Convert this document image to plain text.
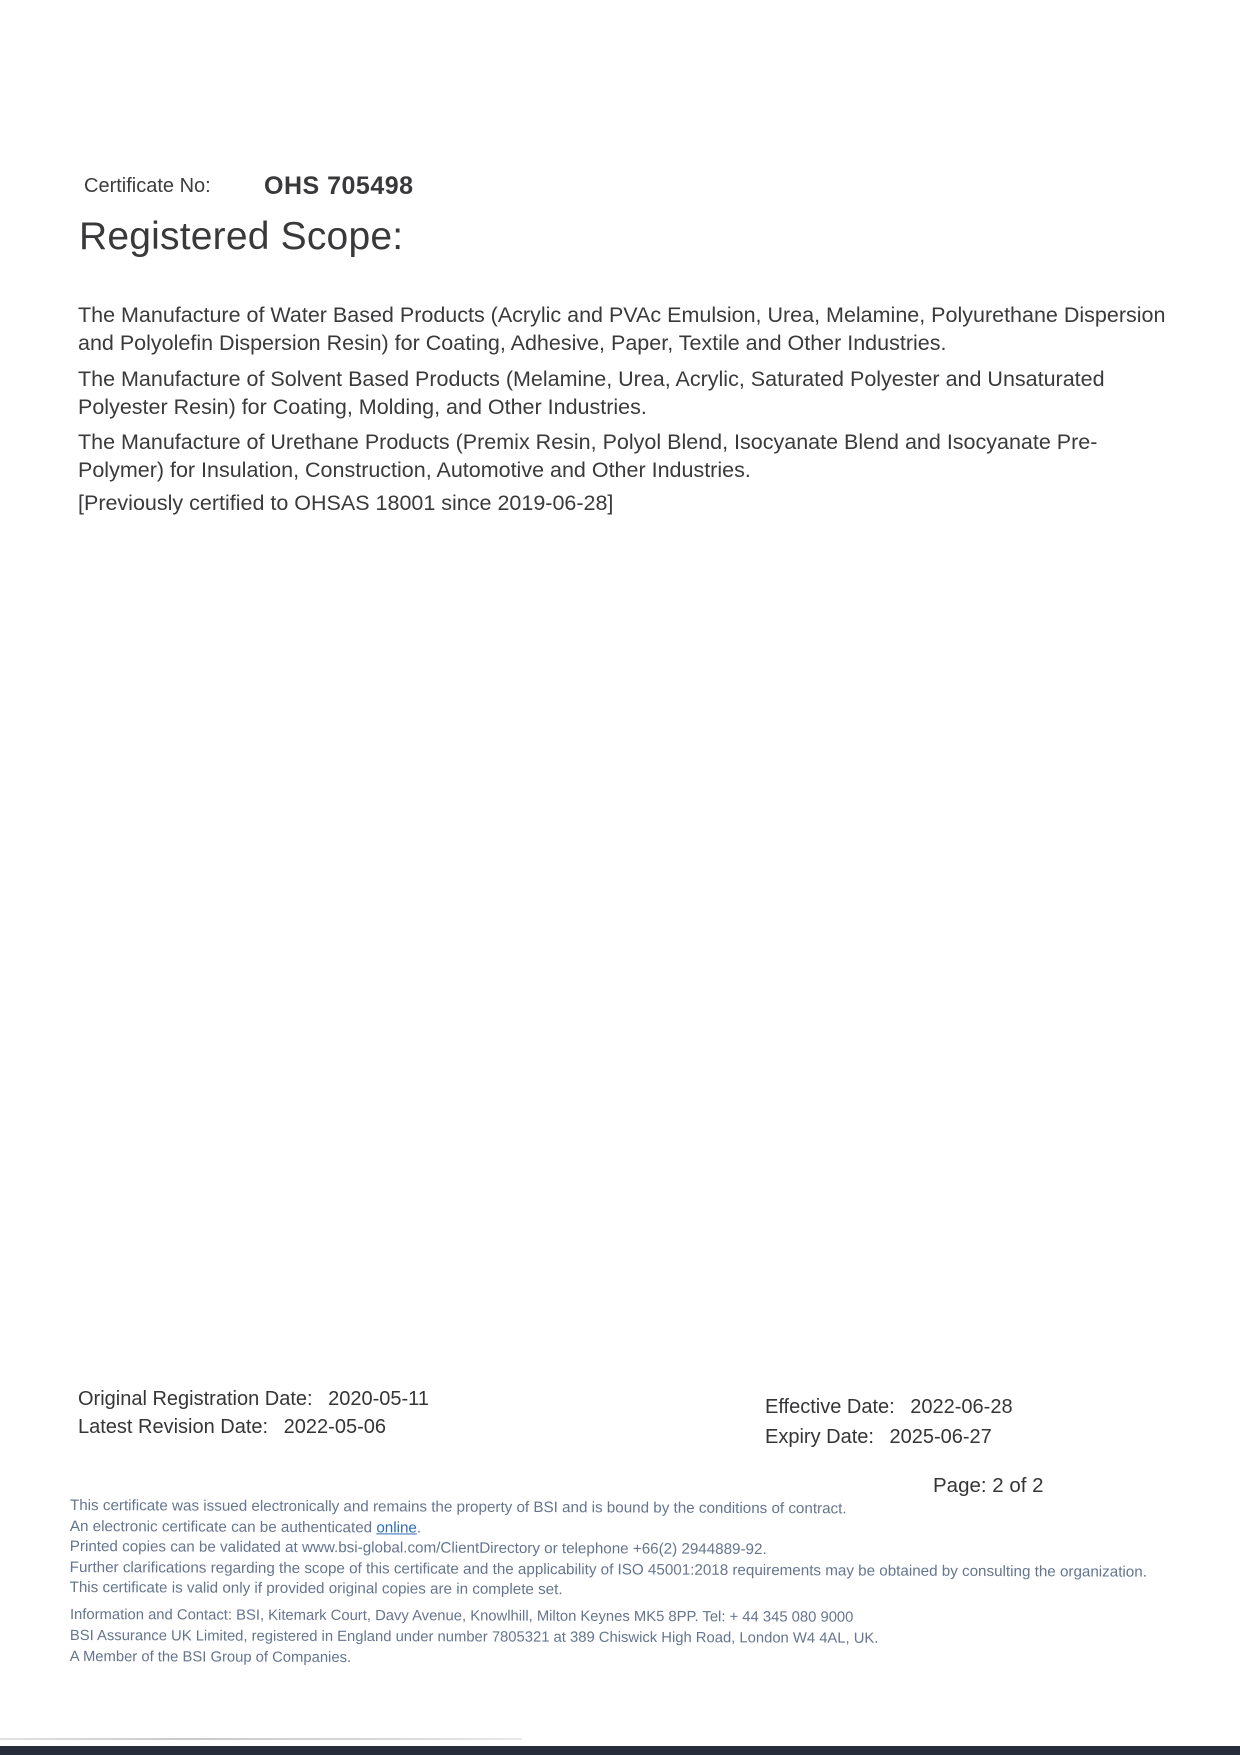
Certificate No: OHS 705498
Registered Scope:

The Manufacture of Water Based Products (Acrylic and PVAc Emulsion, Urea, Melamine, Polyurethane Dispersion and Polyolefin Dispersion Resin) for Coating, Adhesive, Paper, Textile and Other Industries.

The Manufacture of Solvent Based Products (Melamine, Urea, Acrylic, Saturated Polyester and Unsaturated Polyester Resin) for Coating, Molding, and Other Industries.

The Manufacture of Urethane Products (Premix Resin, Polyol Blend, Isocyanate Blend and Isocyanate Pre-Polymer) for Insulation, Construction, Automotive and Other Industries.

[Previously certified to OHSAS 18001 since 2019-06-28]

Original Registration Date: 2020-05-11
Latest Revision Date: 2022-05-06
Effective Date: 2022-06-28
Expiry Date: 2025-06-27
Page: 2 of 2
This certificate was issued electronically and remains the property of BSI and is bound by the conditions of contract.
An electronic certificate can be authenticated online.
Printed copies can be validated at www.bsi-global.com/ClientDirectory or telephone +66(2) 2944889-92.
Further clarifications regarding the scope of this certificate and the applicability of ISO 45001:2018 requirements may be obtained by consulting the organization.
This certificate is valid only if provided original copies are in complete set.
Information and Contact: BSI, Kitemark Court, Davy Avenue, Knowlhill, Milton Keynes MK5 8PP. Tel: + 44 345 080 9000
BSI Assurance UK Limited, registered in England under number 7805321 at 389 Chiswick High Road, London W4 4AL, UK.
A Member of the BSI Group of Companies.
